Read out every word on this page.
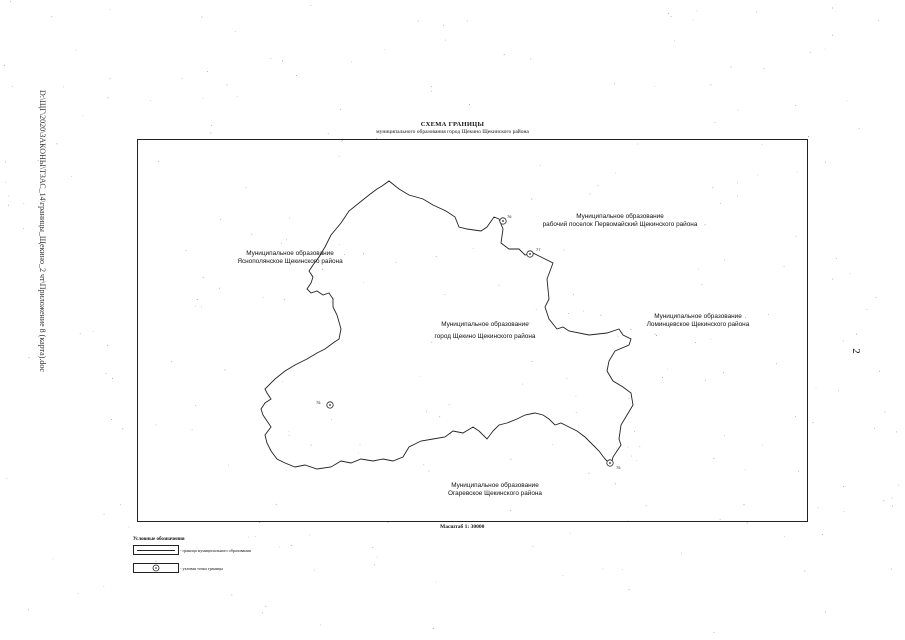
D:\ЩГ\2020\ЗАКОНЫ\ТЗАС_14\границы_Щекино_2 чт\Приложение 8 (карта).doc	2
СХЕМА ГРАНИЦЫ
муниципального образования город Щекино Щекинского района
76
77
75
75
Муниципальное образование
город Щекино Щекинского района
Муниципальное образование
рабочий поселок Первомайский Щекинского района
Муниципальное образование
Яснополянское Щекинского района
Муниципальное образование
Ломинцевское Щекинского района
Муниципальное образование
Огаревское Щекинского района
Масштаб 1: 30000
Условные обозначения
- граница муниципального образования
- узловая точка границы
